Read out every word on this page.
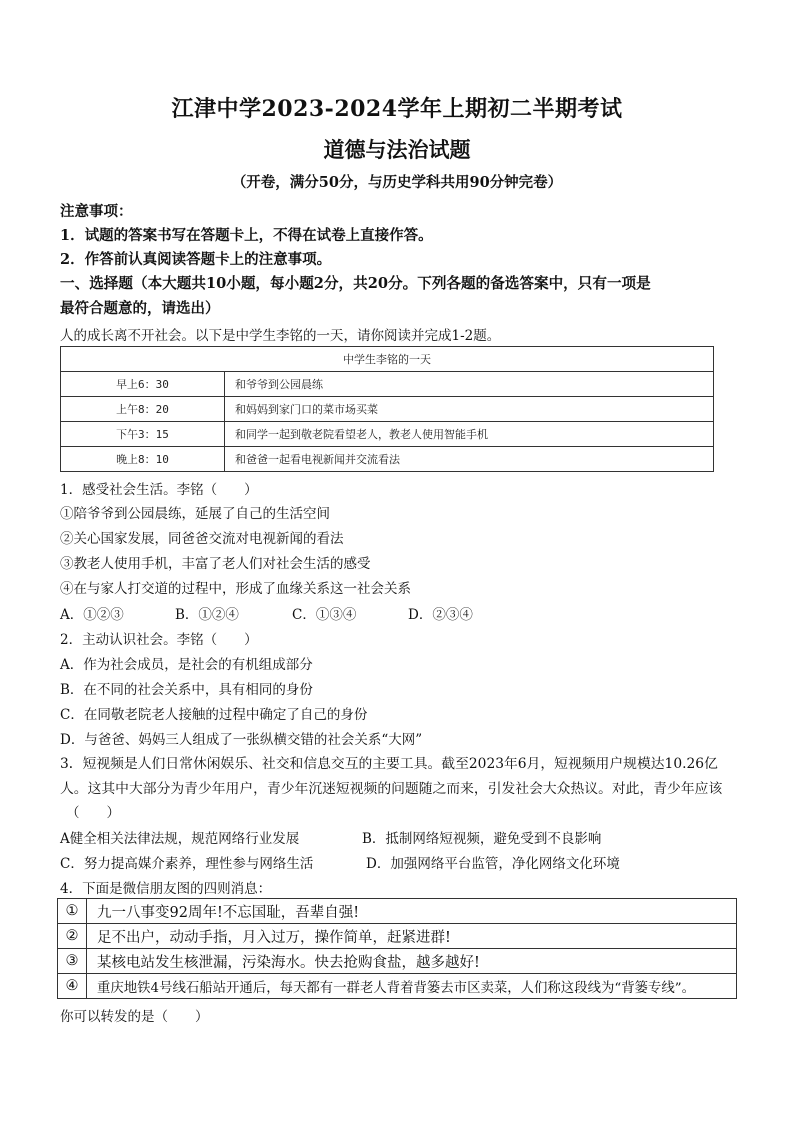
江津中学2023-2024学年上期初二半期考试
道德与法治试题
（开卷，满分50分，与历史学科共用90分钟完卷）
注意事项：
1．试题的答案书写在答题卡上，不得在试卷上直接作答。
2．作答前认真阅读答题卡上的注意事项。
一、选择题（本大题共10小题，每小题2分，共20分。下列各题的备选答案中，只有一项是
最符合题意的，请选出）
人的成长离不开社会。以下是中学生李铭的一天，请你阅读并完成1-2题。
中学生李铭的一天	
早上6：30	和爷爷到公园晨练
上午8：20	和妈妈到家门口的菜市场买菜
下午3：15	和同学一起到敬老院看望老人，教老人使用智能手机
晚上8：10	和爸爸一起看电视新闻并交流看法
1．感受社会生活。李铭（　　）
①陪爷爷到公园晨练，延展了自己的生活空间
②关心国家发展，同爸爸交流对电视新闻的看法
③教老人使用手机，丰富了老人们对社会生活的感受
④在与家人打交道的过程中，形成了血缘关系这一社会关系
A．①②③	B．①②④	C．①③④	D．②③④
2．主动认识社会。李铭（　　）
A．作为社会成员，是社会的有机组成部分
B．在不同的社会关系中，具有相同的身份
C．在同敬老院老人接触的过程中确定了自己的身份
D．与爸爸、妈妈三人组成了一张纵横交错的社会关系“大网”
3．短视频是人们日常休闲娱乐、社交和信息交互的主要工具。截至2023年6月，短视频用户规模达10.26亿
人。这其中大部分为青少年用户，青少年沉迷短视频的问题随之而来，引发社会大众热议。对此，青少年应该
（　　）
A健全相关法律法规，规范网络行业发展	B．抵制网络短视频，避免受到不良影响
C．努力提高媒介素养，理性参与网络生活	D．加强网络平台监管，净化网络文化环境
4．下面是微信朋友图的四则消息：
①	九一八事变92周年!不忘国耻，吾辈自强!
②	足不出户，动动手指，月入过万，操作简单，赶紧进群!
③	某核电站发生核泄漏，污染海水。快去抢购食盐，越多越好!
④	重庆地铁4号线石船站开通后，每天都有一群老人背着背篓去市区卖菜，人们称这段线为“背篓专线”。
你可以转发的是（　　）
